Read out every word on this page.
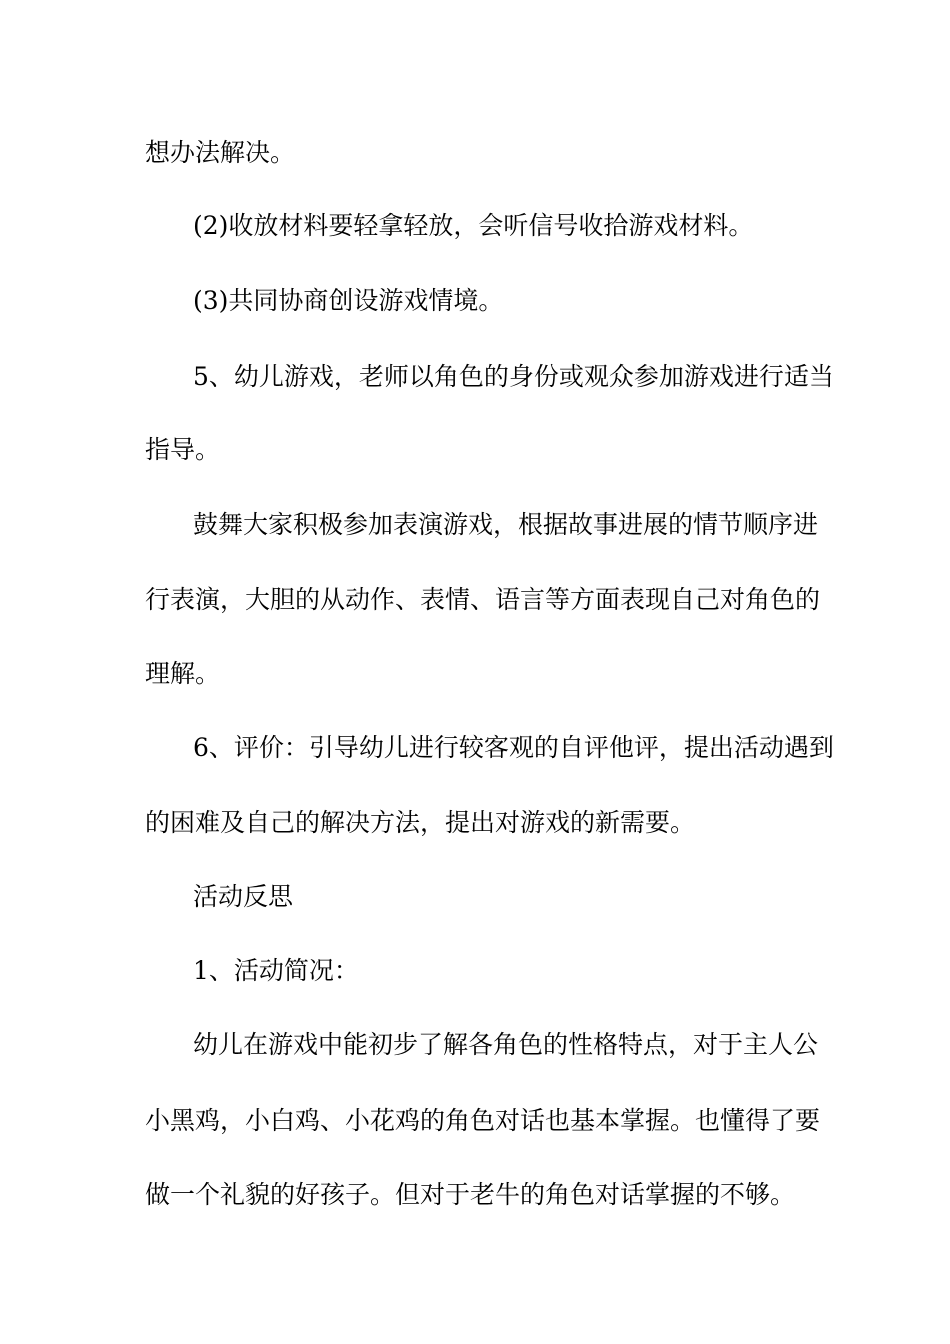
想办法解决。
(2)收放材料要轻拿轻放，会听信号收拾游戏材料。
(3)共同协商创设游戏情境。
5、幼儿游戏，老师以角色的身份或观众参加游戏进行适当
指导。
鼓舞大家积极参加表演游戏，根据故事进展的情节顺序进
行表演，大胆的从动作、表情、语言等方面表现自己对角色的
理解。
6、评价：引导幼儿进行较客观的自评他评，提出活动遇到
的困难及自己的解决方法，提出对游戏的新需要。
活动反思
1、活动简况：
幼儿在游戏中能初步了解各角色的性格特点，对于主人公
小黑鸡，小白鸡、小花鸡的角色对话也基本掌握。也懂得了要
做一个礼貌的好孩子。但对于老牛的角色对话掌握的不够。
